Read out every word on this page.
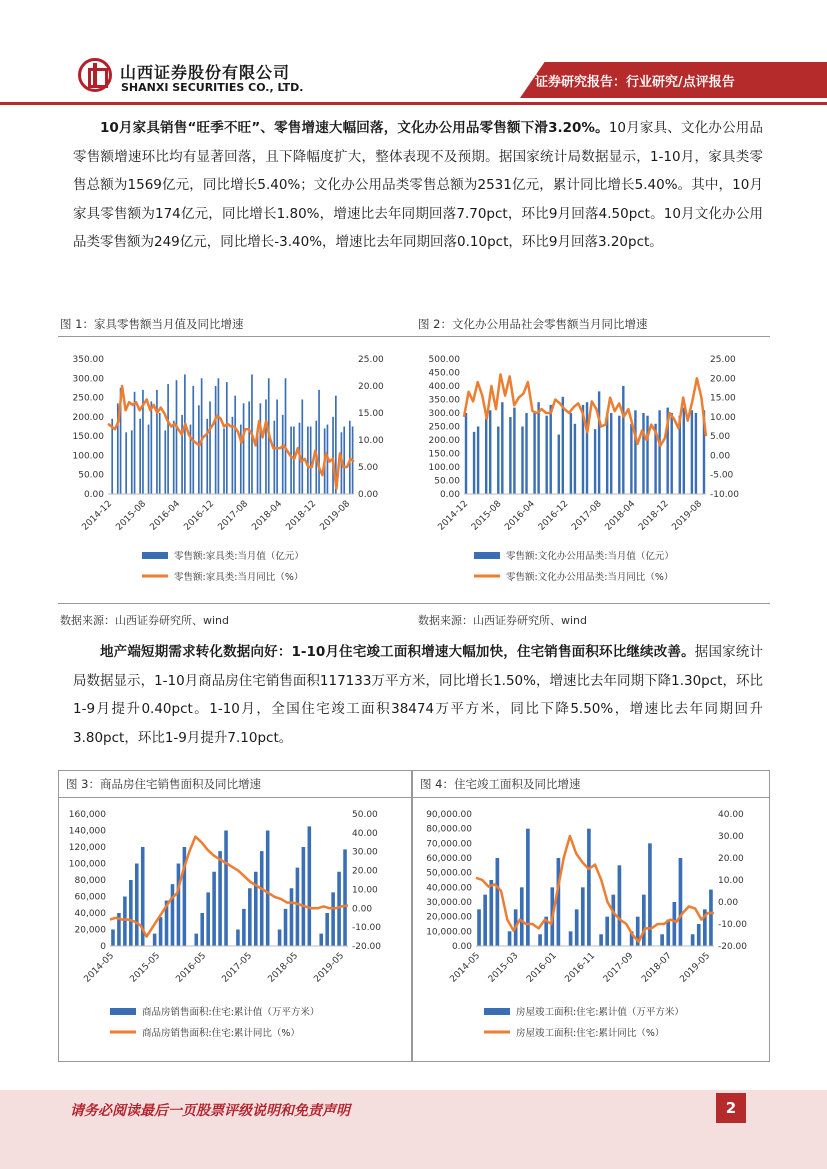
山西证券股份有限公司
SHANXI SECURITIES CO., LTD.	证券研究报告：行业研究/点评报告
10月家具销售“旺季不旺”、零售增速大幅回落，文化办公用品零售额下滑3.20%。10月家具、文化办公用品零售额增速环比均有显著回落，且下降幅度扩大，整体表现不及预期。据国家统计局数据显示，1-10月，家具类零售总额为1569亿元，同比增长5.40%；文化办公用品类零售总额为2531亿元，累计同比增长5.40%。其中，10月家具零售额为174亿元，同比增长1.80%，增速比去年同期回落7.70pct，环比9月回落4.50pct。10月文化办公用品类零售额为249亿元，同比增长-3.40%，增速比去年同期回落0.10pct，环比9月回落3.20pct。
图 1：家具零售额当月值及同比增速	图 2：文化办公用品社会零售额当月同比增速
350.00
300.00
250.00
200.00
150.00
100.00
50.00
0.00
25.00
20.00
15.00
10.00
5.00
0.00
2014-12 2015-08 2016-04 2016-12 2017-08 2018-04 2018-12 2019-08
零售额:家具类:当月值（亿元）
零售额:家具类:当月同比（%）
500.00
450.00
400.00
350.00
300.00
250.00
200.00
150.00
100.00
50.00
0.00
25.00
20.00
15.00
10.00
5.00
0.00
-5.00
-10.00
2014-12 2015-08 2016-04 2016-12 2017-08 2018-04 2018-12 2019-08
零售额:文化办公用品类:当月值（亿元）
零售额:文化办公用品类:当月同比（%）
数据来源：山西证券研究所、wind	数据来源：山西证券研究所、wind
地产端短期需求转化数据向好：1-10月住宅竣工面积增速大幅加快，住宅销售面积环比继续改善。据国家统计局数据显示，1-10月商品房住宅销售面积117133万平方米，同比增长1.50%，增速比去年同期下降1.30pct，环比1-9月提升0.40pct。1-10月，全国住宅竣工面积38474万平方米，同比下降5.50%，增速比去年同期回升3.80pct，环比1-9月提升7.10pct。
图 3：商品房住宅销售面积及同比增速	图 4：住宅竣工面积及同比增速
160,000
140,000
120,000
100,000
80,000
60,000
40,000
20,000
0
50.00
40.00
30.00
20.00
10.00
0.00
-10.00
-20.00
2014-05 2015-05 2016-05 2017-05 2018-05 2019-05
商品房销售面积:住宅:累计值（万平方米）
商品房销售面积:住宅:累计同比（%）
90,000.00
80,000.00
70,000.00
60,000.00
50,000.00
40,000.00
30,000.00
20,000.00
10,000.00
0.00
40.00
30.00
20.00
10.00
0.00
-10.00
-20.00
2014-05 2015-03 2016-01 2016-11 2017-09 2018-07 2019-05
房屋竣工面积:住宅:累计值（万平方米）
房屋竣工面积:住宅:累计同比（%）
请务必阅读最后一页股票评级说明和免责声明	2
